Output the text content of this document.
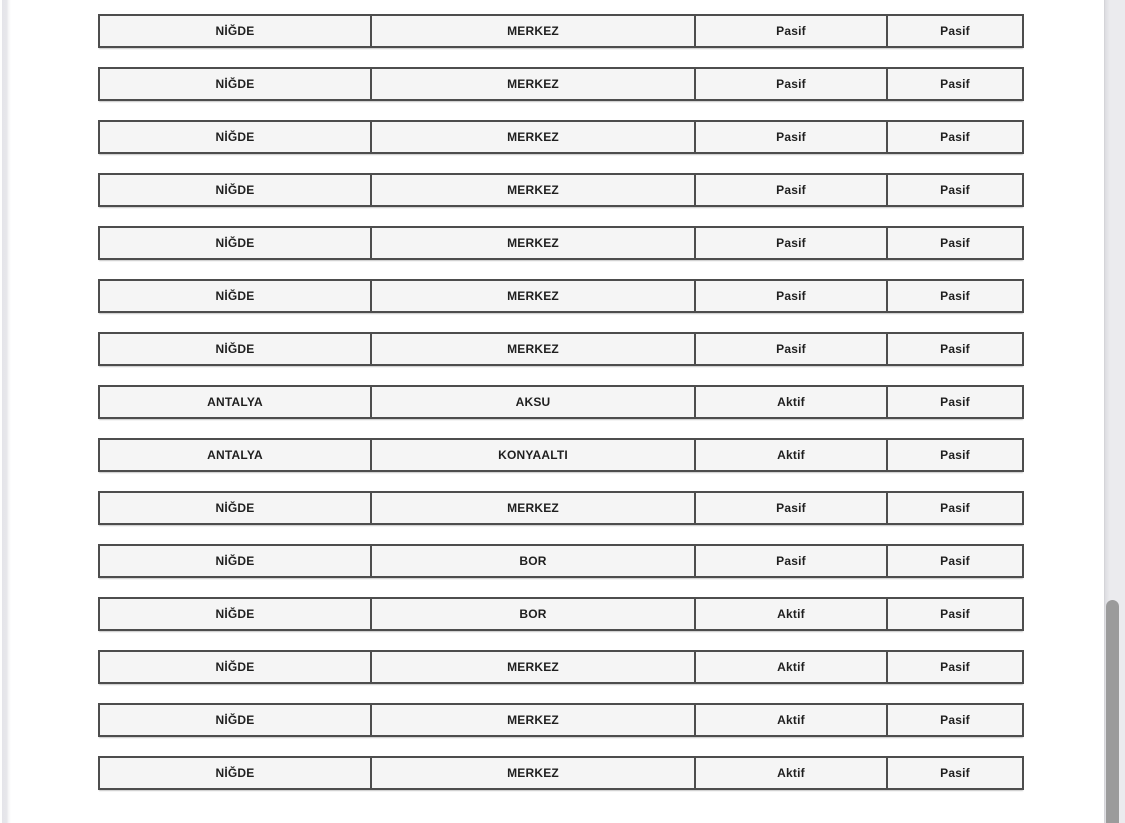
NİĞDE	MERKEZ	Pasif	Pasif
NİĞDE	MERKEZ	Pasif	Pasif
NİĞDE	MERKEZ	Pasif	Pasif
NİĞDE	MERKEZ	Pasif	Pasif
NİĞDE	MERKEZ	Pasif	Pasif
NİĞDE	MERKEZ	Pasif	Pasif
NİĞDE	MERKEZ	Pasif	Pasif
ANTALYA	AKSU	Aktif	Pasif
ANTALYA	KONYAALTI	Aktif	Pasif
NİĞDE	MERKEZ	Pasif	Pasif
NİĞDE	BOR	Pasif	Pasif
NİĞDE	BOR	Aktif	Pasif
NİĞDE	MERKEZ	Aktif	Pasif
NİĞDE	MERKEZ	Aktif	Pasif
NİĞDE	MERKEZ	Aktif	Pasif
